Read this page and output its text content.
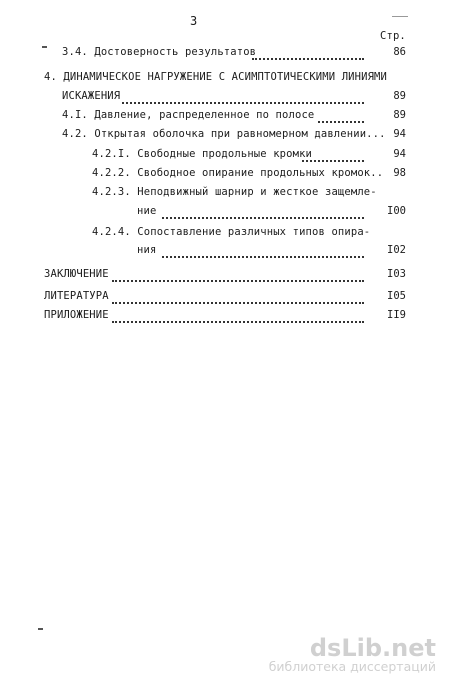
3
Стр.
3.4. Достоверность результатов	86
4. ДИНАМИЧЕСКОЕ НАГРУЖЕНИЕ С АСИМПТОТИЧЕСКИМИ ЛИНИЯМИ
ИСКАЖЕНИЯ	89
4.I. Давление, распределенное по полосе	89
4.2. Открытая оболочка при равномерном давлении... 94
4.2.I. Свободные продольные кромки	94
4.2.2. Свободное опирание продольных кромок.. 98
4.2.3. Неподвижный шарнир и жесткое защемле-
ние	I00
4.2.4. Сопоставление различных типов опира-
ния	I02
ЗАКЛЮЧЕНИЕ	I03
ЛИТЕРАТУРА	I05
ПРИЛОЖЕНИЕ	II9
dsLib.net
библиотека диссертаций
